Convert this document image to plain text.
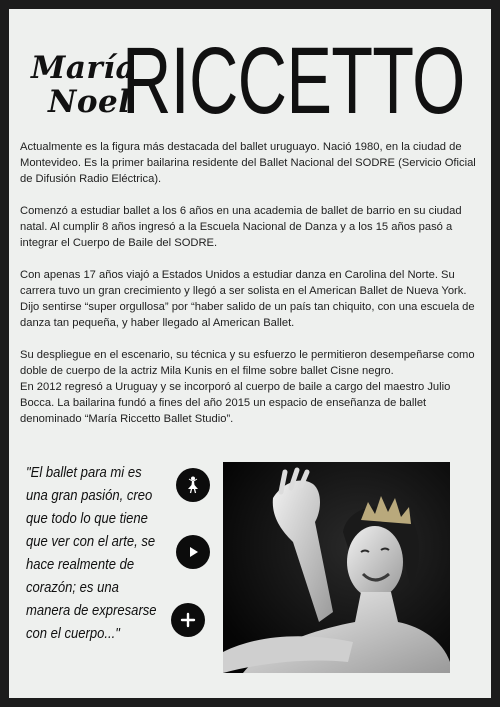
María
Noel
RICCETTO

Actualmente es la figura más destacada del ballet uruguayo. Nació 1980, en la ciudad de Montevideo. Es la primer bailarina residente del Ballet Nacional del SODRE (Servicio Oficial de Difusión Radio Eléctrica).

Comenzó a estudiar ballet a los 6 años en una academia de ballet de barrio en su ciudad natal. Al cumplir 8 años ingresó a la Escuela Nacional de Danza y a los 15 años pasó a integrar el Cuerpo de Baile del SODRE.

Con apenas 17 años viajó a Estados Unidos a estudiar danza en Carolina del Norte. Su carrera tuvo un gran crecimiento y llegó a ser solista en el American Ballet de Nueva York. Dijo sentirse “super orgullosa” por “haber salido de un país tan chiquito, con una escuela de danza tan pequeña, y haber llegado al American Ballet.

Su despliegue en el escenario, su técnica y su esfuerzo le permitieron desempeñarse como doble de cuerpo de la actriz Mila Kunis en el filme sobre ballet Cisne negro.

En 2012 regresó a Uruguay y se incorporó al cuerpo de baile a cargo del maestro Julio Bocca. La bailarina fundó a fines del año 2015 un espacio de enseñanza de ballet denominado “María Riccetto Ballet Studio”.

"El ballet para mi es una gran pasión, creo que todo lo que tiene que ver con el arte, se hace realmente de corazón; es una manera de expresarse con el cuerpo..."
